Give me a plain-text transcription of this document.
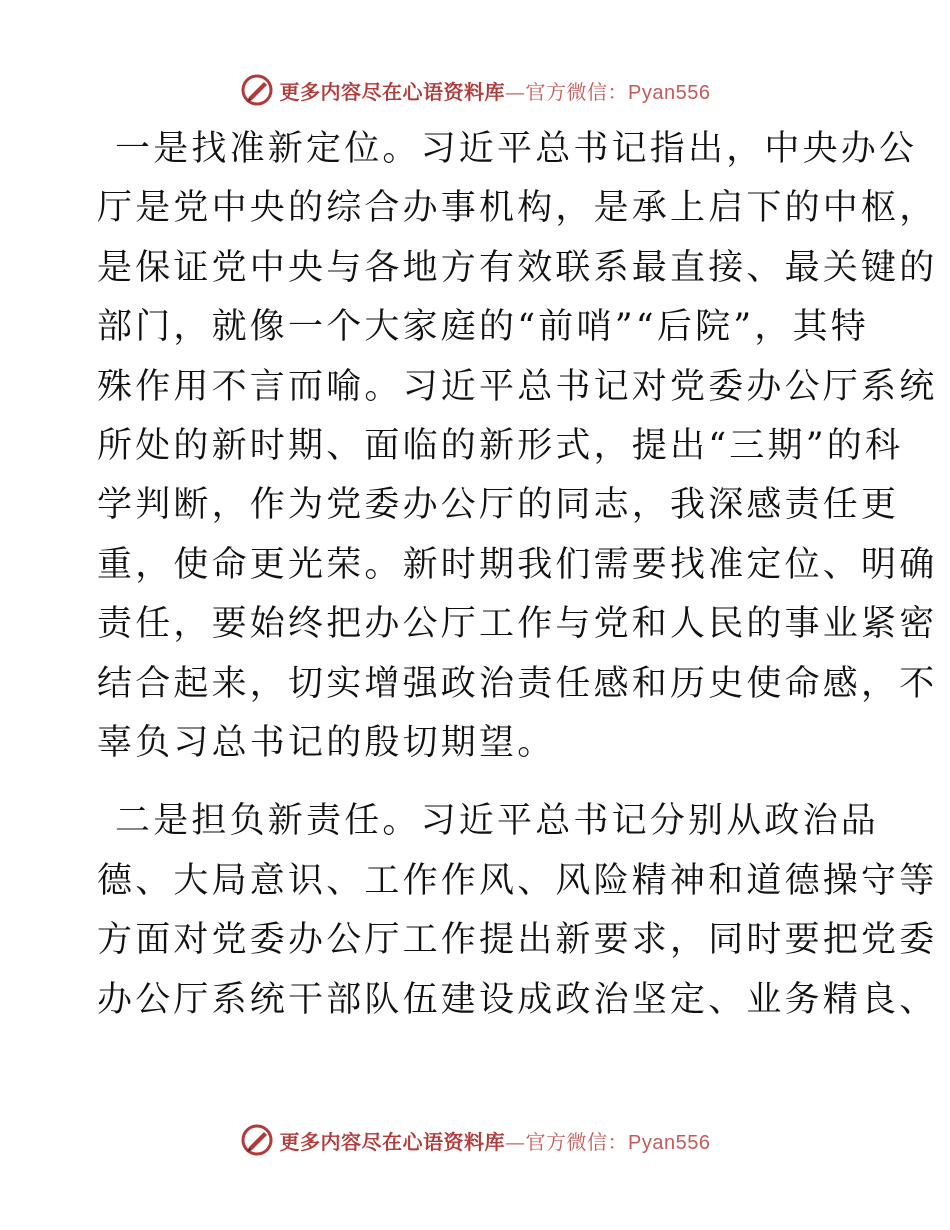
更多内容尽在心语资料库—官方微信：Pyan556

一是找准新定位。习近平总书记指出，中央办公
厅是党中央的综合办事机构，是承上启下的中枢，
是保证党中央与各地方有效联系最直接、最关键的
部门，就像一个大家庭的“前哨”“后院”，其特
殊作用不言而喻。习近平总书记对党委办公厅系统
所处的新时期、面临的新形式，提出“三期”的科
学判断，作为党委办公厅的同志，我深感责任更
重，使命更光荣。新时期我们需要找准定位、明确
责任，要始终把办公厅工作与党和人民的事业紧密
结合起来，切实增强政治责任感和历史使命感，不
辜负习总书记的殷切期望。

二是担负新责任。习近平总书记分别从政治品
德、大局意识、工作作风、风险精神和道德操守等
方面对党委办公厅工作提出新要求，同时要把党委
办公厅系统干部队伍建设成政治坚定、业务精良、

更多内容尽在心语资料库—官方微信：Pyan556
